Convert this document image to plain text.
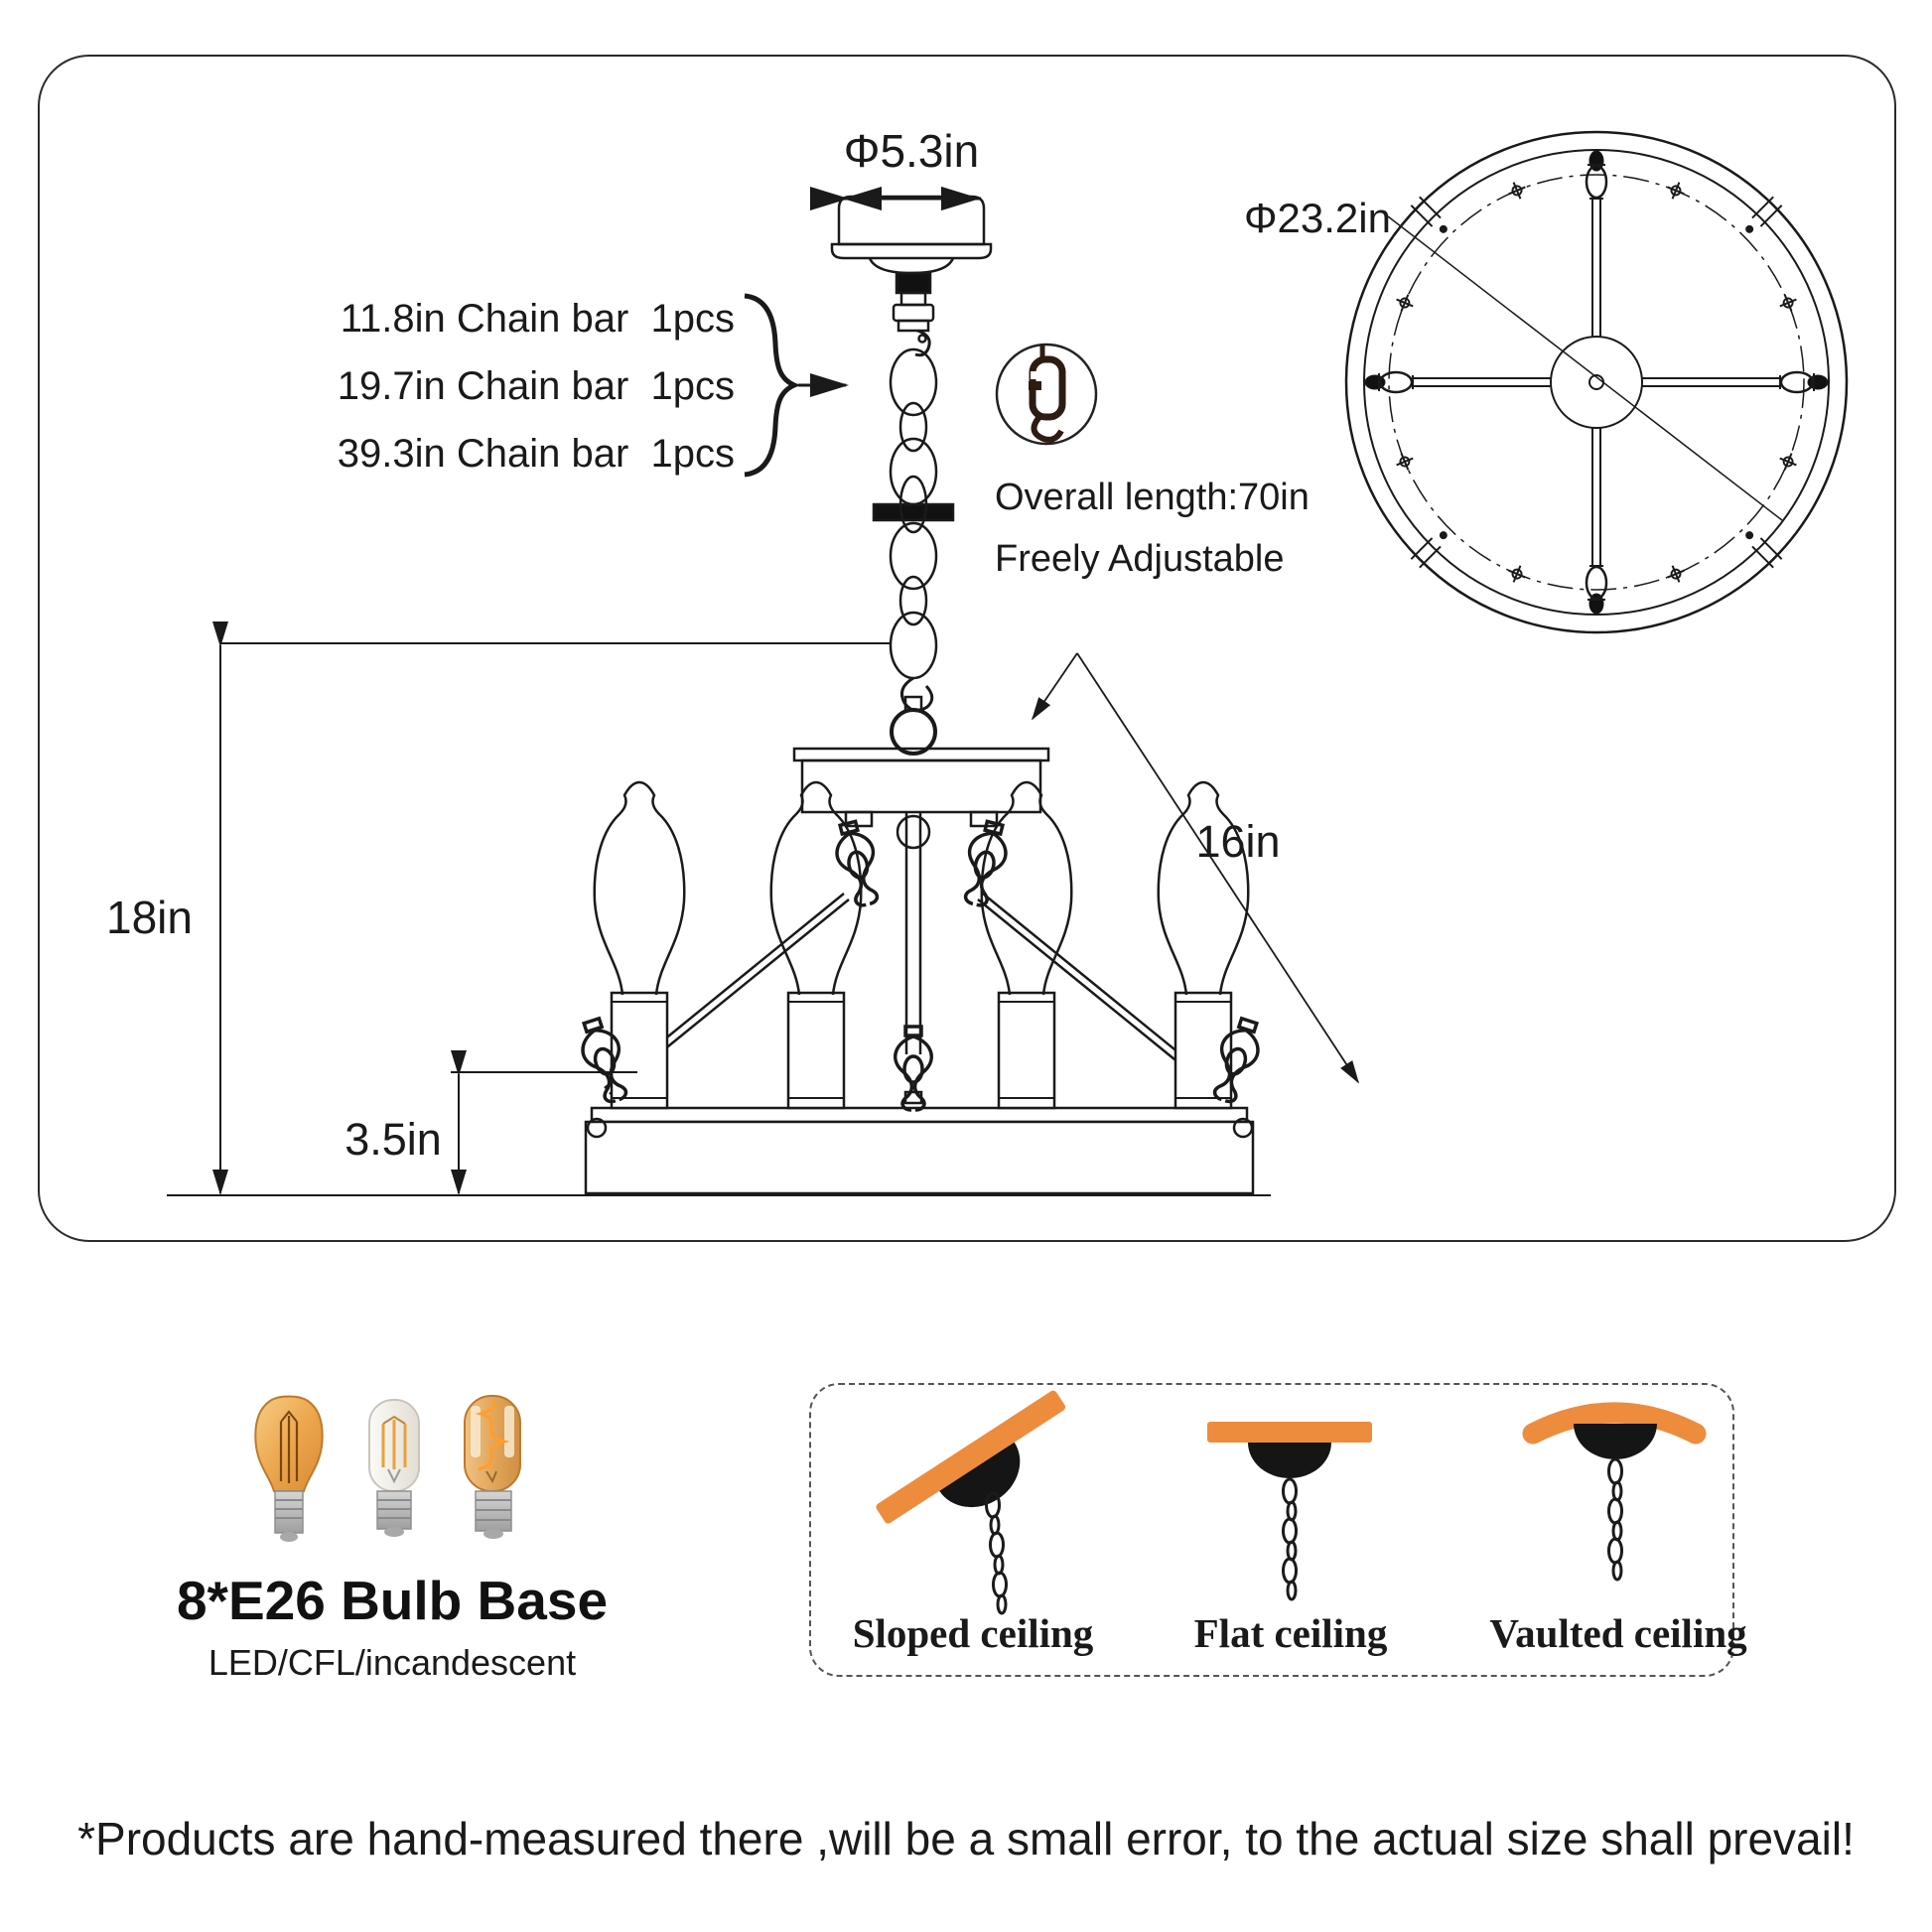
Φ5.3in
11.8in Chain bar  1pcs
19.7in Chain bar  1pcs
39.3in Chain bar  1pcs
Overall length:70in
Freely Adjustable
Φ23.2in
18in
16in
3.5in
8*E26 Bulb Base
LED/CFL/incandescent
Sloped ceiling	Flat ceiling	Vaulted ceiling
*Products are hand-measured there ,will be a small error, to the actual size shall prevail!
